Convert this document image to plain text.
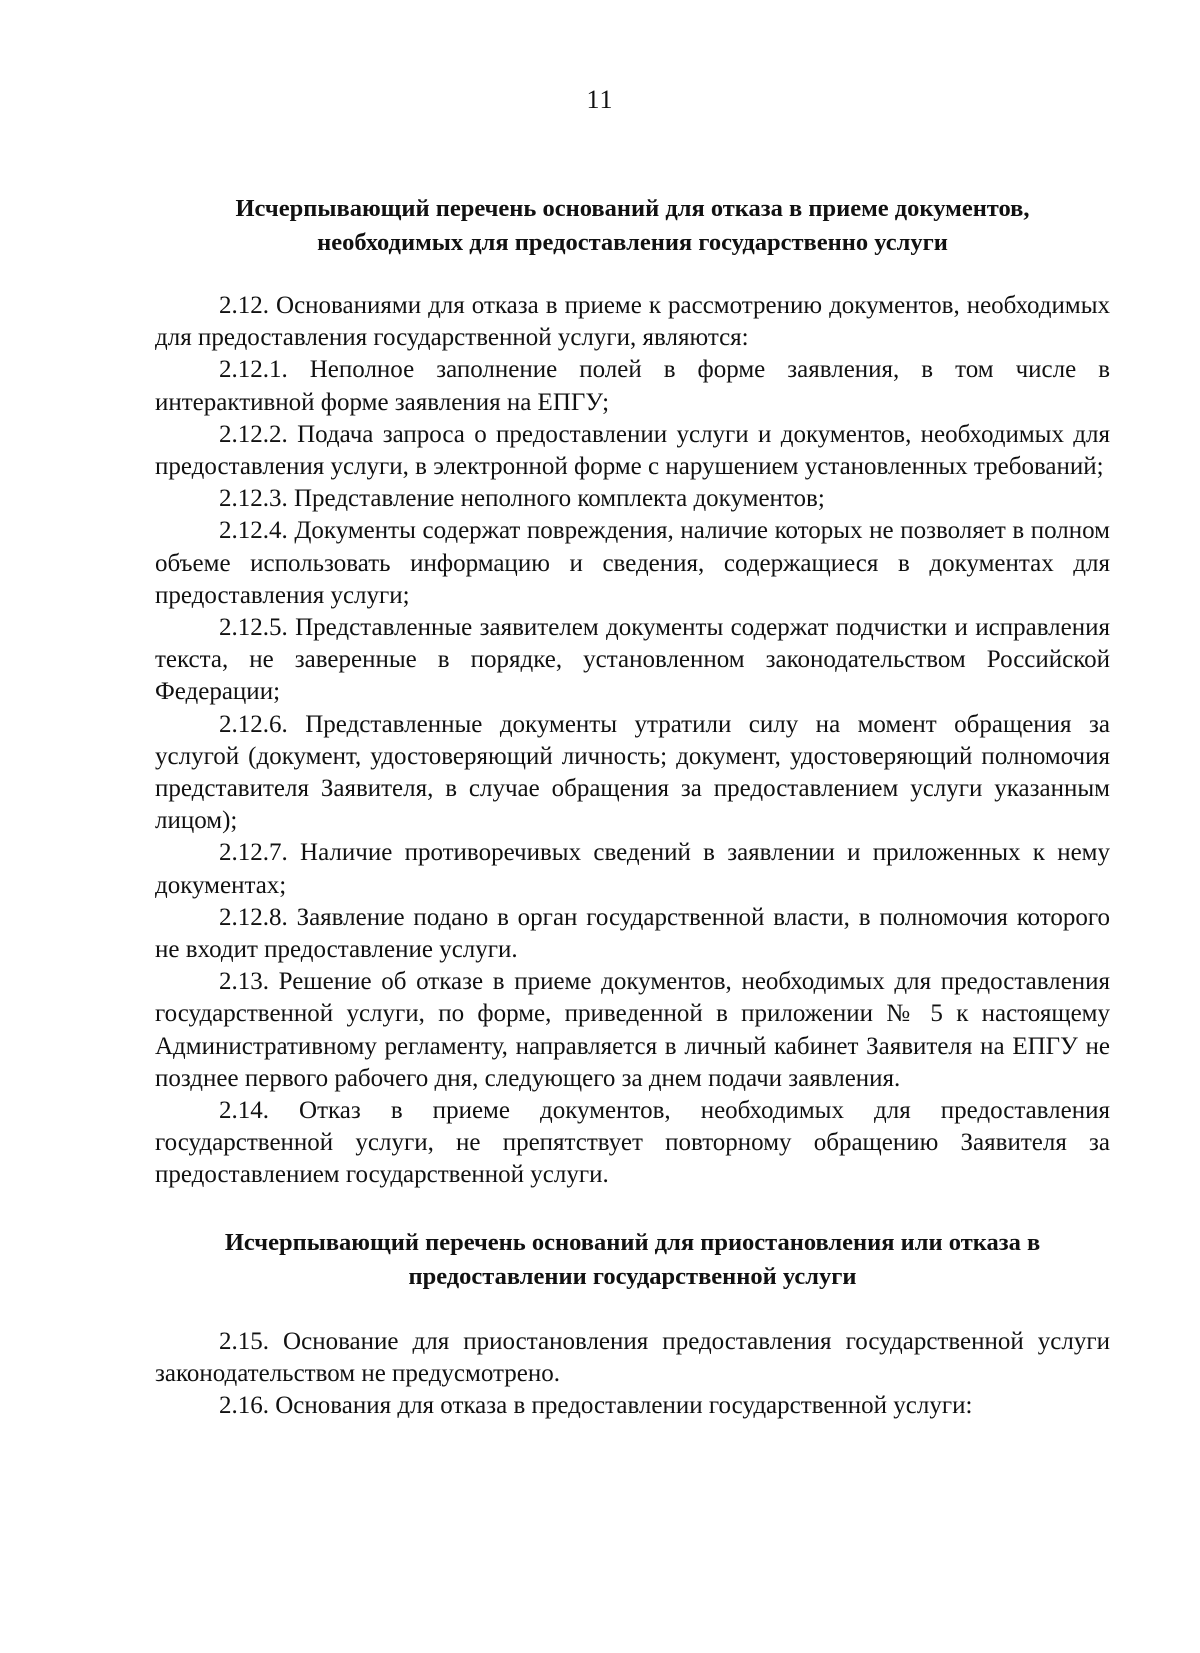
11
Исчерпывающий перечень оснований для отказа в приеме документов,
необходимых для предоставления государственно услуги

2.12. Основаниями для отказа в приеме к рассмотрению документов, необходимых для предоставления государственной услуги, являются:

2.12.1. Неполное заполнение полей в форме заявления, в том числе в интерактивной форме заявления на ЕПГУ;

2.12.2. Подача запроса о предоставлении услуги и документов, необходимых для предоставления услуги, в электронной форме с нарушением установленных требований;

2.12.3. Представление неполного комплекта документов;

2.12.4. Документы содержат повреждения, наличие которых не позволяет в полном объеме использовать информацию и сведения, содержащиеся в документах для предоставления услуги;

2.12.5. Представленные заявителем документы содержат подчистки и исправления текста, не заверенные в порядке, установленном законодательством Российской Федерации;

2.12.6. Представленные документы утратили силу на момент обращения за услугой (документ, удостоверяющий личность; документ, удостоверяющий полномочия представителя Заявителя, в случае обращения за предоставлением услуги указанным лицом);

2.12.7. Наличие противоречивых сведений в заявлении и приложенных к нему документах;

2.12.8. Заявление подано в орган государственной власти, в полномочия которого не входит предоставление услуги.

2.13. Решение об отказе в приеме документов, необходимых для предоставления государственной услуги, по форме, приведенной в приложении № 5 к настоящему Административному регламенту, направляется в личный кабинет Заявителя на ЕПГУ не позднее первого рабочего дня, следующего за днем подачи заявления.

2.14. Отказ в приеме документов, необходимых для предоставления государственной услуги, не препятствует повторному обращению Заявителя за предоставлением государственной услуги.

Исчерпывающий перечень оснований для приостановления или отказа в
предоставлении государственной услуги

2.15. Основание для приостановления предоставления государственной услуги законодательством не предусмотрено.

2.16. Основания для отказа в предоставлении государственной услуги:
